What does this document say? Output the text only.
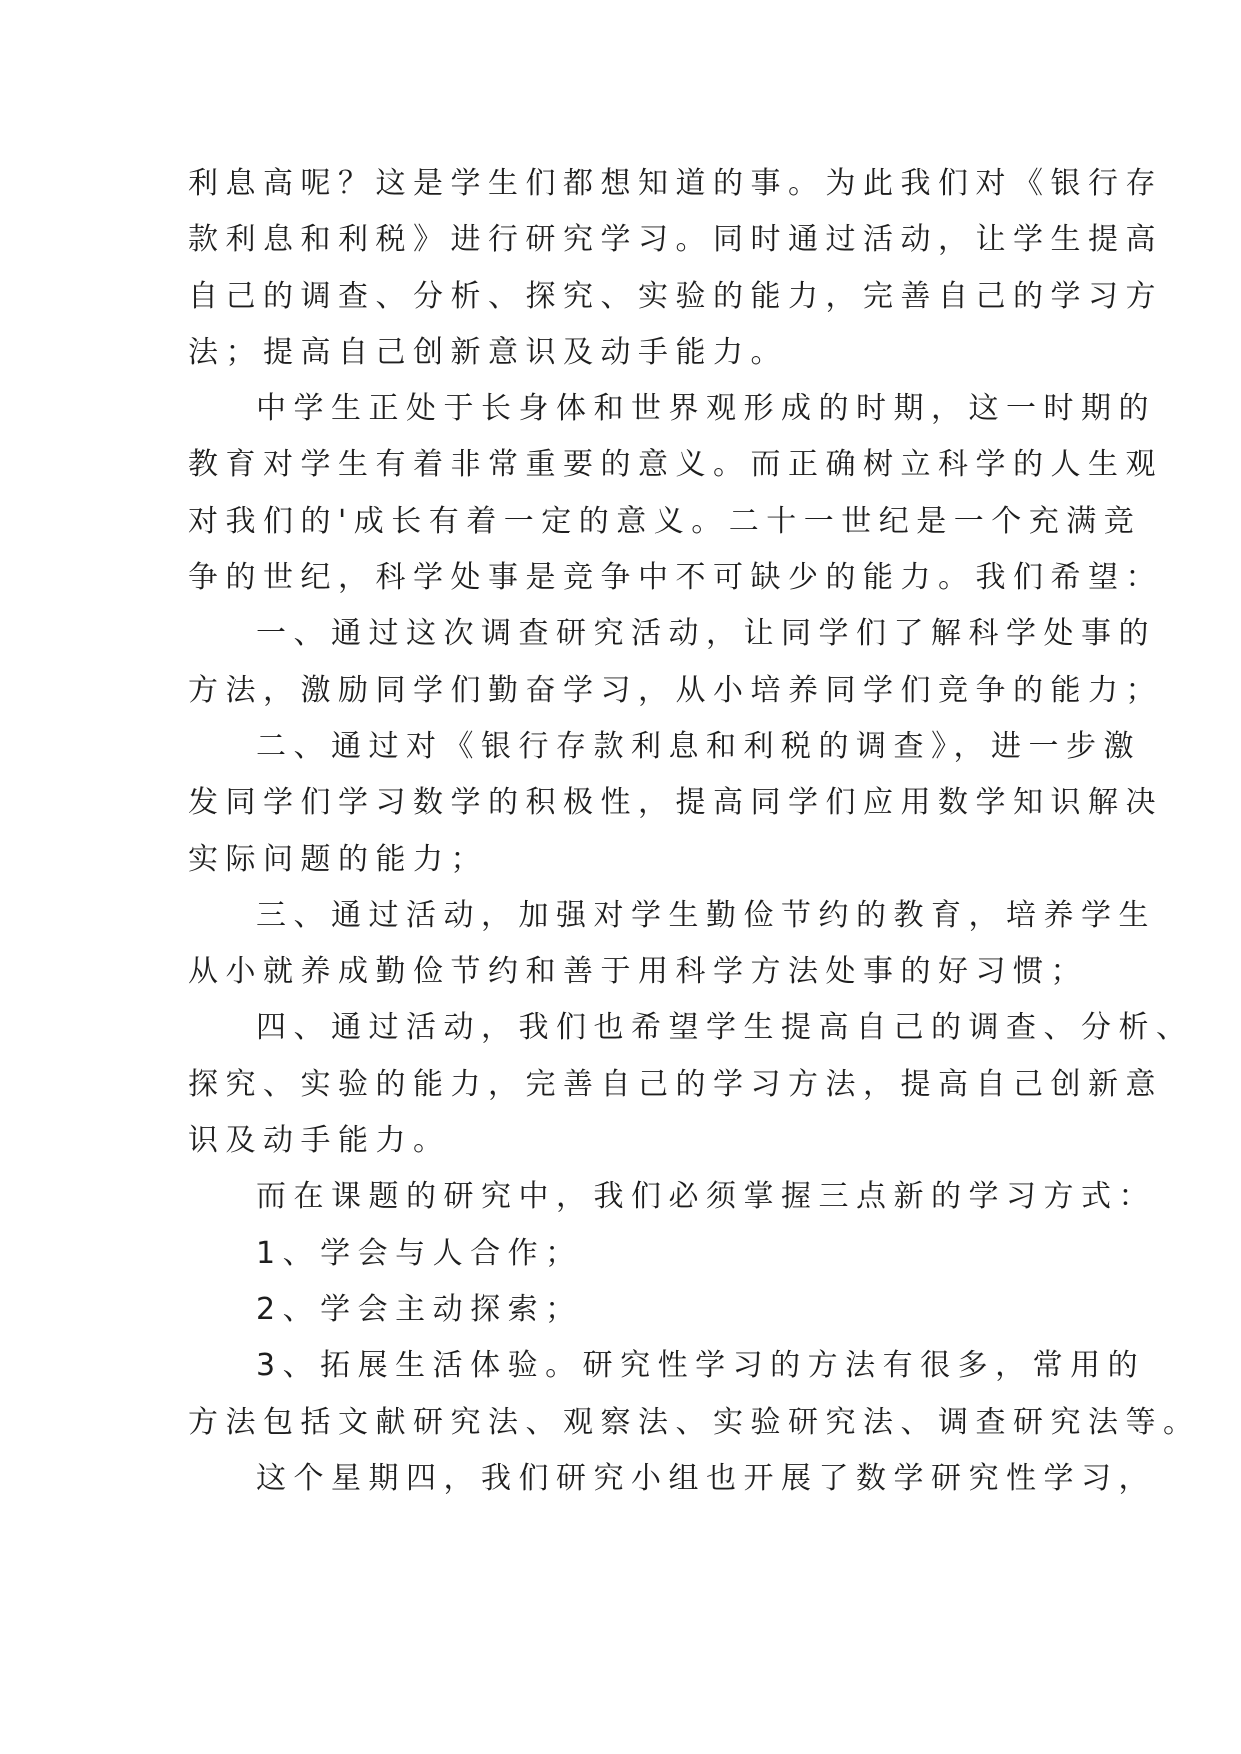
利息高呢？这是学生们都想知道的事。为此我们对《银行存
款利息和利税》进行研究学习。同时通过活动，让学生提高
自己的调查、分析、探究、实验的能力，完善自己的学习方
法；提高自己创新意识及动手能力。
中学生正处于长身体和世界观形成的时期，这一时期的
教育对学生有着非常重要的意义。而正确树立科学的人生观
对我们的'成长有着一定的意义。二十一世纪是一个充满竞
争的世纪，科学处事是竞争中不可缺少的能力。我们希望：
一、通过这次调查研究活动，让同学们了解科学处事的
方法，激励同学们勤奋学习，从小培养同学们竞争的能力；
二、通过对《银行存款利息和利税的调查》，进一步激
发同学们学习数学的积极性，提高同学们应用数学知识解决
实际问题的能力；
三、通过活动，加强对学生勤俭节约的教育，培养学生
从小就养成勤俭节约和善于用科学方法处事的好习惯；
四、通过活动，我们也希望学生提高自己的调查、分析、
探究、实验的能力，完善自己的学习方法，提高自己创新意
识及动手能力。
而在课题的研究中，我们必须掌握三点新的学习方式：
1、学会与人合作；
2、学会主动探索；
3、拓展生活体验。研究性学习的方法有很多，常用的
方法包括文献研究法、观察法、实验研究法、调查研究法等。
这个星期四，我们研究小组也开展了数学研究性学习，
